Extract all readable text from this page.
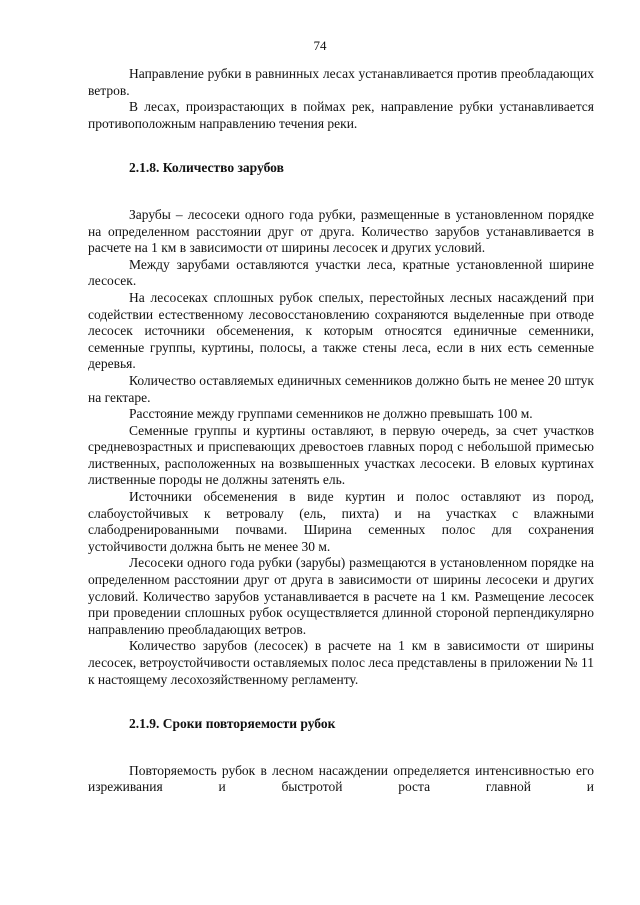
74

Направление рубки в равнинных лесах устанавливается против преобладающих ветров.

В лесах, произрастающих в поймах рек, направление рубки устанавливается противоположным направлению течения реки.

2.1.8. Количество зарубов

Зарубы – лесосеки одного года рубки, размещенные в установленном порядке на определенном расстоянии друг от друга. Количество зарубов устанавливается в расчете на 1 км в зависимости от ширины лесосек и других условий.

Между зарубами оставляются участки леса, кратные установленной ширине лесосек.

На лесосеках сплошных рубок спелых, перестойных лесных насаждений при содействии естественному лесовосстановлению сохраняются выделенные при отводе лесосек источники обсеменения, к которым относятся единичные семенники, семенные группы, куртины, полосы, а также стены леса, если в них есть семенные деревья.

Количество оставляемых единичных семенников должно быть не менее 20 штук на гектаре.

Расстояние между группами семенников не должно превышать 100 м.

Семенные группы и куртины оставляют, в первую очередь, за счет участков средневозрастных и приспевающих древостоев главных пород с небольшой примесью лиственных, расположенных на возвышенных участках лесосеки. В еловых куртинах лиственные породы не должны затенять ель.

Источники обсеменения в виде куртин и полос оставляют из пород, слабоустойчивых к ветровалу (ель, пихта) и на участках с влажными слабодренированными почвами. Ширина семенных полос для сохранения устойчивости должна быть не менее 30 м.

Лесосеки одного года рубки (зарубы) размещаются в установленном порядке на определенном расстоянии друг от друга в зависимости от ширины лесосеки и других условий. Количество зарубов устанавливается в расчете на 1 км. Размещение лесосек при проведении сплошных рубок осуществляется длинной стороной перпендикулярно направлению преобладающих ветров.

Количество зарубов (лесосек) в расчете на 1 км в зависимости от ширины лесосек, ветроустойчивости оставляемых полос леса представлены в приложении № 11 к настоящему лесохозяйственному регламенту.

2.1.9. Сроки повторяемости рубок

Повторяемость рубок в лесном насаждении определяется интенсивностью его изреживания и быстротой роста главной и
